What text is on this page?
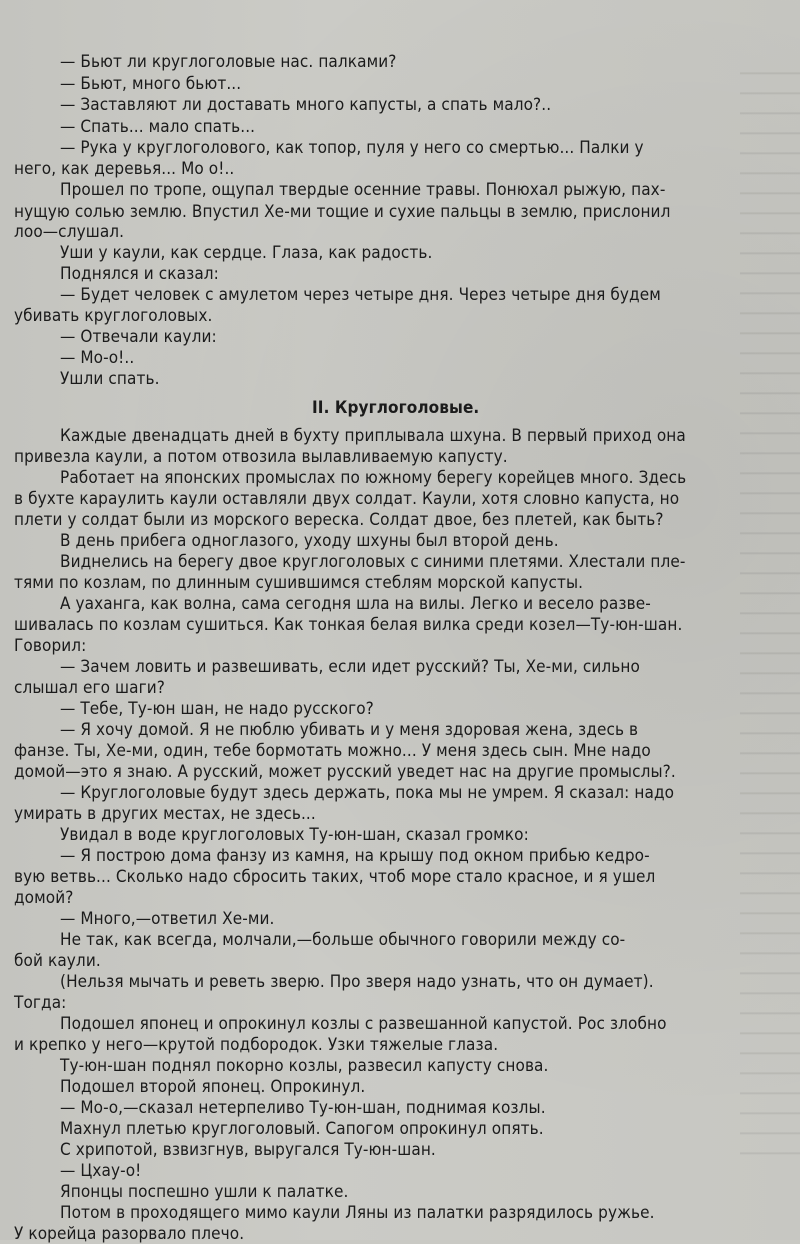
— Бьют ли круглоголовые нас. палками?
— Бьют, много бьют...
— Заставляют ли доставать много капусты, а спать мало?..
— Спать... мало спать...
— Рука у круглоголового, как топор, пуля у него со смертью... Палки у
него, как деревья... Мо о!..
Прошел по тропе, ощупал твердые осенние травы. Понюхал рыжую, пах-
нущую солью землю. Впустил Хе-ми тощие и сухие пальцы в землю, прислонил
лоо—слушал.
Уши у каули, как сердце. Глаза, как радость.
Поднялся и сказал:
— Будет человек с амулетом через четыре дня. Через четыре дня будем
убивать круглоголовых.
— Отвечали каули:
— Мо-о!..
Ушли спать.
II. Круглоголовые.
Каждые двенадцать дней в бухту приплывала шхуна. В первый приход она
привезла каули, а потом отвозила вылавливаемую капусту.
Работает на японских промыслах по южному берегу корейцев много. Здесь
в бухте караулить каули оставляли двух солдат. Каули, хотя словно капуста, но
плети у солдат были из морского вереска. Солдат двое, без плетей, как быть?
В день прибега одноглазого, уходу шхуны был второй день.
Виднелись на берегу двое круглоголовых с синими плетями. Хлестали пле-
тями по козлам, по длинным сушившимся стеблям морской капусты.
А уаханга, как волна, сама сегодня шла на вилы. Легко и весело разве-
шивалась по козлам сушиться. Как тонкая белая вилка среди козел—Ту-юн-шан.
Говорил:
— Зачем ловить и развешивать, если идет русский? Ты, Хе-ми, сильно
слышал его шаги?
— Тебе, Ту-юн шан, не надо русского?
— Я хочу домой. Я не пюблю убивать и у меня здоровая жена, здесь в
фанзе. Ты, Хе-ми, один, тебе бормотать можно... У меня здесь сын. Мне надо
домой—это я знаю. А русский, может русский уведет нас на другие промыслы?.
— Круглоголовые будут здесь держать, пока мы не умрем. Я сказал: надо
умирать в других местах, не здесь...
Увидал в воде круглоголовых Ту-юн-шан, сказал громко:
— Я построю дома фанзу из камня, на крышу под окном прибью кедро-
вую ветвь... Сколько надо сбросить таких, чтоб море стало красное, и я ушел
домой?
— Много,—ответил Хе-ми.
Не так, как всегда, молчали,—больше обычного говорили между со-
бой каули.
(Нельзя мычать и реветь зверю. Про зверя надо узнать, что он думает).
Тогда:
Подошел японец и опрокинул козлы с развешанной капустой. Рос злобно
и крепко у него—крутой подбородок. Узки тяжелые глаза.
Ту-юн-шан поднял покорно козлы, развесил капусту снова.
Подошел второй японец. Опрокинул.
— Мо-о,—сказал нетерпеливо Ту-юн-шан, поднимая козлы.
Махнул плетью круглоголовый. Сапогом опрокинул опять.
С хрипотой, взвизгнув, выругался Ту-юн-шан.
— Цхау-о!
Японцы поспешно ушли к палатке.
Потом в проходящего мимо каули Ляны из палатки разрядилось ружье.
У корейца разорвало плечо.
